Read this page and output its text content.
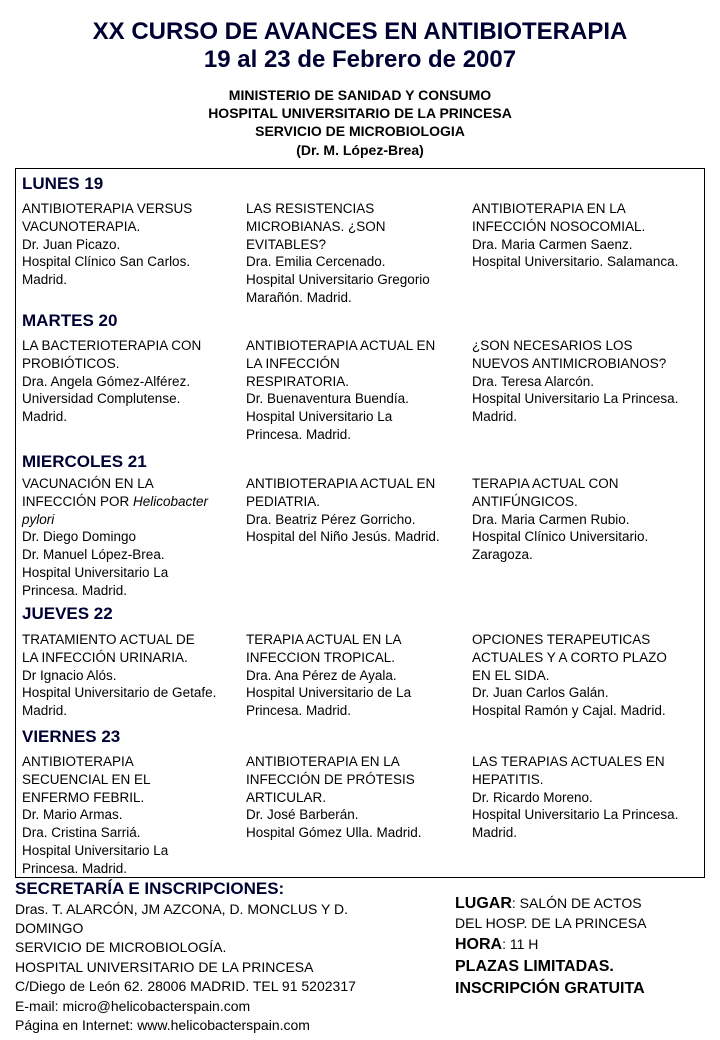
XX CURSO DE AVANCES EN ANTIBIOTERAPIA
19 al 23 de Febrero de 2007
MINISTERIO DE SANIDAD Y CONSUMO
HOSPITAL UNIVERSITARIO DE LA PRINCESA
SERVICIO DE MICROBIOLOGIA
(Dr. M. López-Brea)
LUNES 19
ANTIBIOTERAPIA VERSUS
VACUNOTERAPIA.
Dr. Juan Picazo.
Hospital Clínico San Carlos.
Madrid.
LAS RESISTENCIAS
MICROBIANAS. ¿SON
EVITABLES?
Dra. Emilia Cercenado.
Hospital Universitario Gregorio
Marañón. Madrid.
ANTIBIOTERAPIA EN LA
INFECCIÓN NOSOCOMIAL.
Dra. Maria Carmen Saenz.
Hospital Universitario. Salamanca.
MARTES 20
LA BACTERIOTERAPIA CON
PROBIÓTICOS.
Dra. Angela Gómez-Alférez.
Universidad Complutense.
Madrid.
ANTIBIOTERAPIA ACTUAL EN
LA INFECCIÓN
RESPIRATORIA.
Dr. Buenaventura Buendía.
Hospital Universitario La
Princesa. Madrid.
¿SON NECESARIOS LOS
NUEVOS ANTIMICROBIANOS?
Dra. Teresa Alarcón.
Hospital Universitario La Princesa.
Madrid.
MIERCOLES 21
VACUNACIÓN EN LA
INFECCIÓN POR Helicobacter
pylori
Dr. Diego Domingo
Dr. Manuel López-Brea.
Hospital Universitario La
Princesa. Madrid.
ANTIBIOTERAPIA ACTUAL EN
PEDIATRIA.
Dra. Beatriz Pérez Gorricho.
Hospital del Niño Jesús. Madrid.
TERAPIA ACTUAL CON
ANTIFÚNGICOS.
Dra. Maria Carmen Rubio.
Hospital Clínico Universitario.
Zaragoza.
JUEVES 22
TRATAMIENTO ACTUAL DE
LA INFECCIÓN URINARIA.
Dr Ignacio Alós.
Hospital Universitario de Getafe.
Madrid.
TERAPIA ACTUAL EN LA
INFECCION TROPICAL.
Dra. Ana Pérez de Ayala.
Hospital Universitario de La
Princesa. Madrid.
OPCIONES TERAPEUTICAS
ACTUALES Y A CORTO PLAZO
EN EL SIDA.
Dr. Juan Carlos Galán.
Hospital Ramón y Cajal. Madrid.
VIERNES 23
ANTIBIOTERAPIA
SECUENCIAL EN EL
ENFERMO FEBRIL.
Dr. Mario Armas.
Dra. Cristina Sarriá.
Hospital Universitario La
Princesa. Madrid.
ANTIBIOTERAPIA EN LA
INFECCIÓN DE PRÓTESIS
ARTICULAR.
Dr. José Barberán.
Hospital Gómez Ulla. Madrid.
LAS TERAPIAS ACTUALES EN
HEPATITIS.
Dr. Ricardo Moreno.
Hospital Universitario La Princesa.
Madrid.
SECRETARÍA E INSCRIPCIONES:
Dras. T. ALARCÓN, JM AZCONA, D. MONCLUS Y D.
DOMINGO
SERVICIO DE MICROBIOLOGÍA.
HOSPITAL UNIVERSITARIO DE LA PRINCESA
C/Diego de León 62. 28006 MADRID. TEL 91 5202317
E-mail: micro@helicobacterspain.com
Página en Internet: www.helicobacterspain.com
LUGAR: SALÓN DE ACTOS
DEL HOSP. DE LA PRINCESA
HORA: 11 H
PLAZAS LIMITADAS.
INSCRIPCIÓN GRATUITA
